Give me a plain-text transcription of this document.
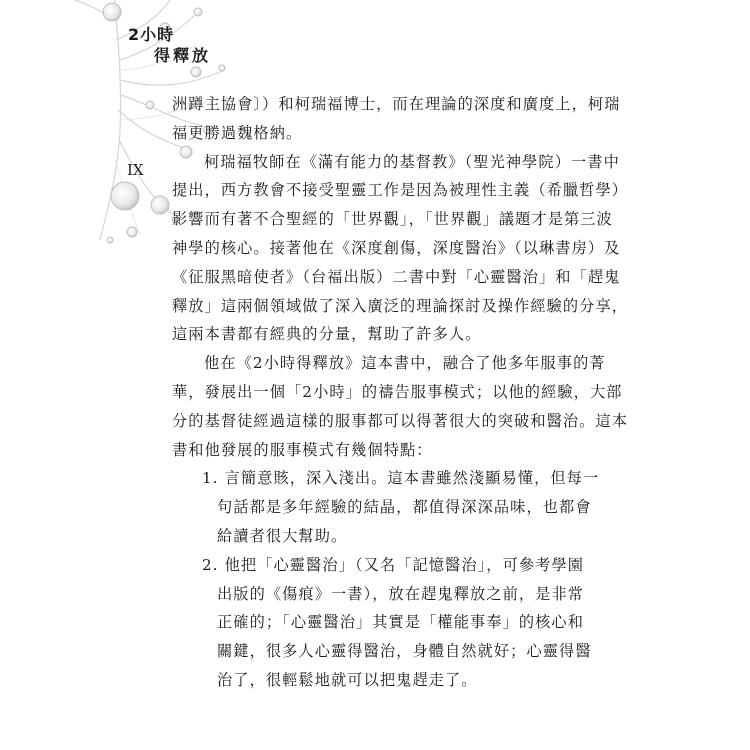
2小時
得釋放
IX
洲蹲主協會〕）和柯瑞福博士，而在理論的深度和廣度上，柯瑞
福更勝過魏格納。
柯瑞福牧師在《滿有能力的基督教》（聖光神學院）一書中
提出，西方教會不接受聖靈工作是因為被理性主義（希臘哲學）
影響而有著不合聖經的「世界觀」，「世界觀」議題才是第三波
神學的核心。接著他在《深度創傷，深度醫治》（以琳書房）及
《征服黑暗使者》（台福出版）二書中對「心靈醫治」和「趕鬼
釋放」這兩個領域做了深入廣泛的理論探討及操作經驗的分享，
這兩本書都有經典的分量，幫助了許多人。
他在《2小時得釋放》這本書中，融合了他多年服事的菁
華，發展出一個「2小時」的禱告服事模式；以他的經驗，大部
分的基督徒經過這樣的服事都可以得著很大的突破和醫治。這本
書和他發展的服事模式有幾個特點：
1. 言簡意賅，深入淺出。這本書雖然淺顯易懂，但每一
句話都是多年經驗的結晶，都值得深深品味，也都會
給讀者很大幫助。
2. 他把「心靈醫治」（又名「記憶醫治」，可參考學園
出版的《傷痕》一書），放在趕鬼釋放之前，是非常
正確的；「心靈醫治」其實是「權能事奉」的核心和
關鍵，很多人心靈得醫治，身體自然就好；心靈得醫
治了，很輕鬆地就可以把鬼趕走了。
